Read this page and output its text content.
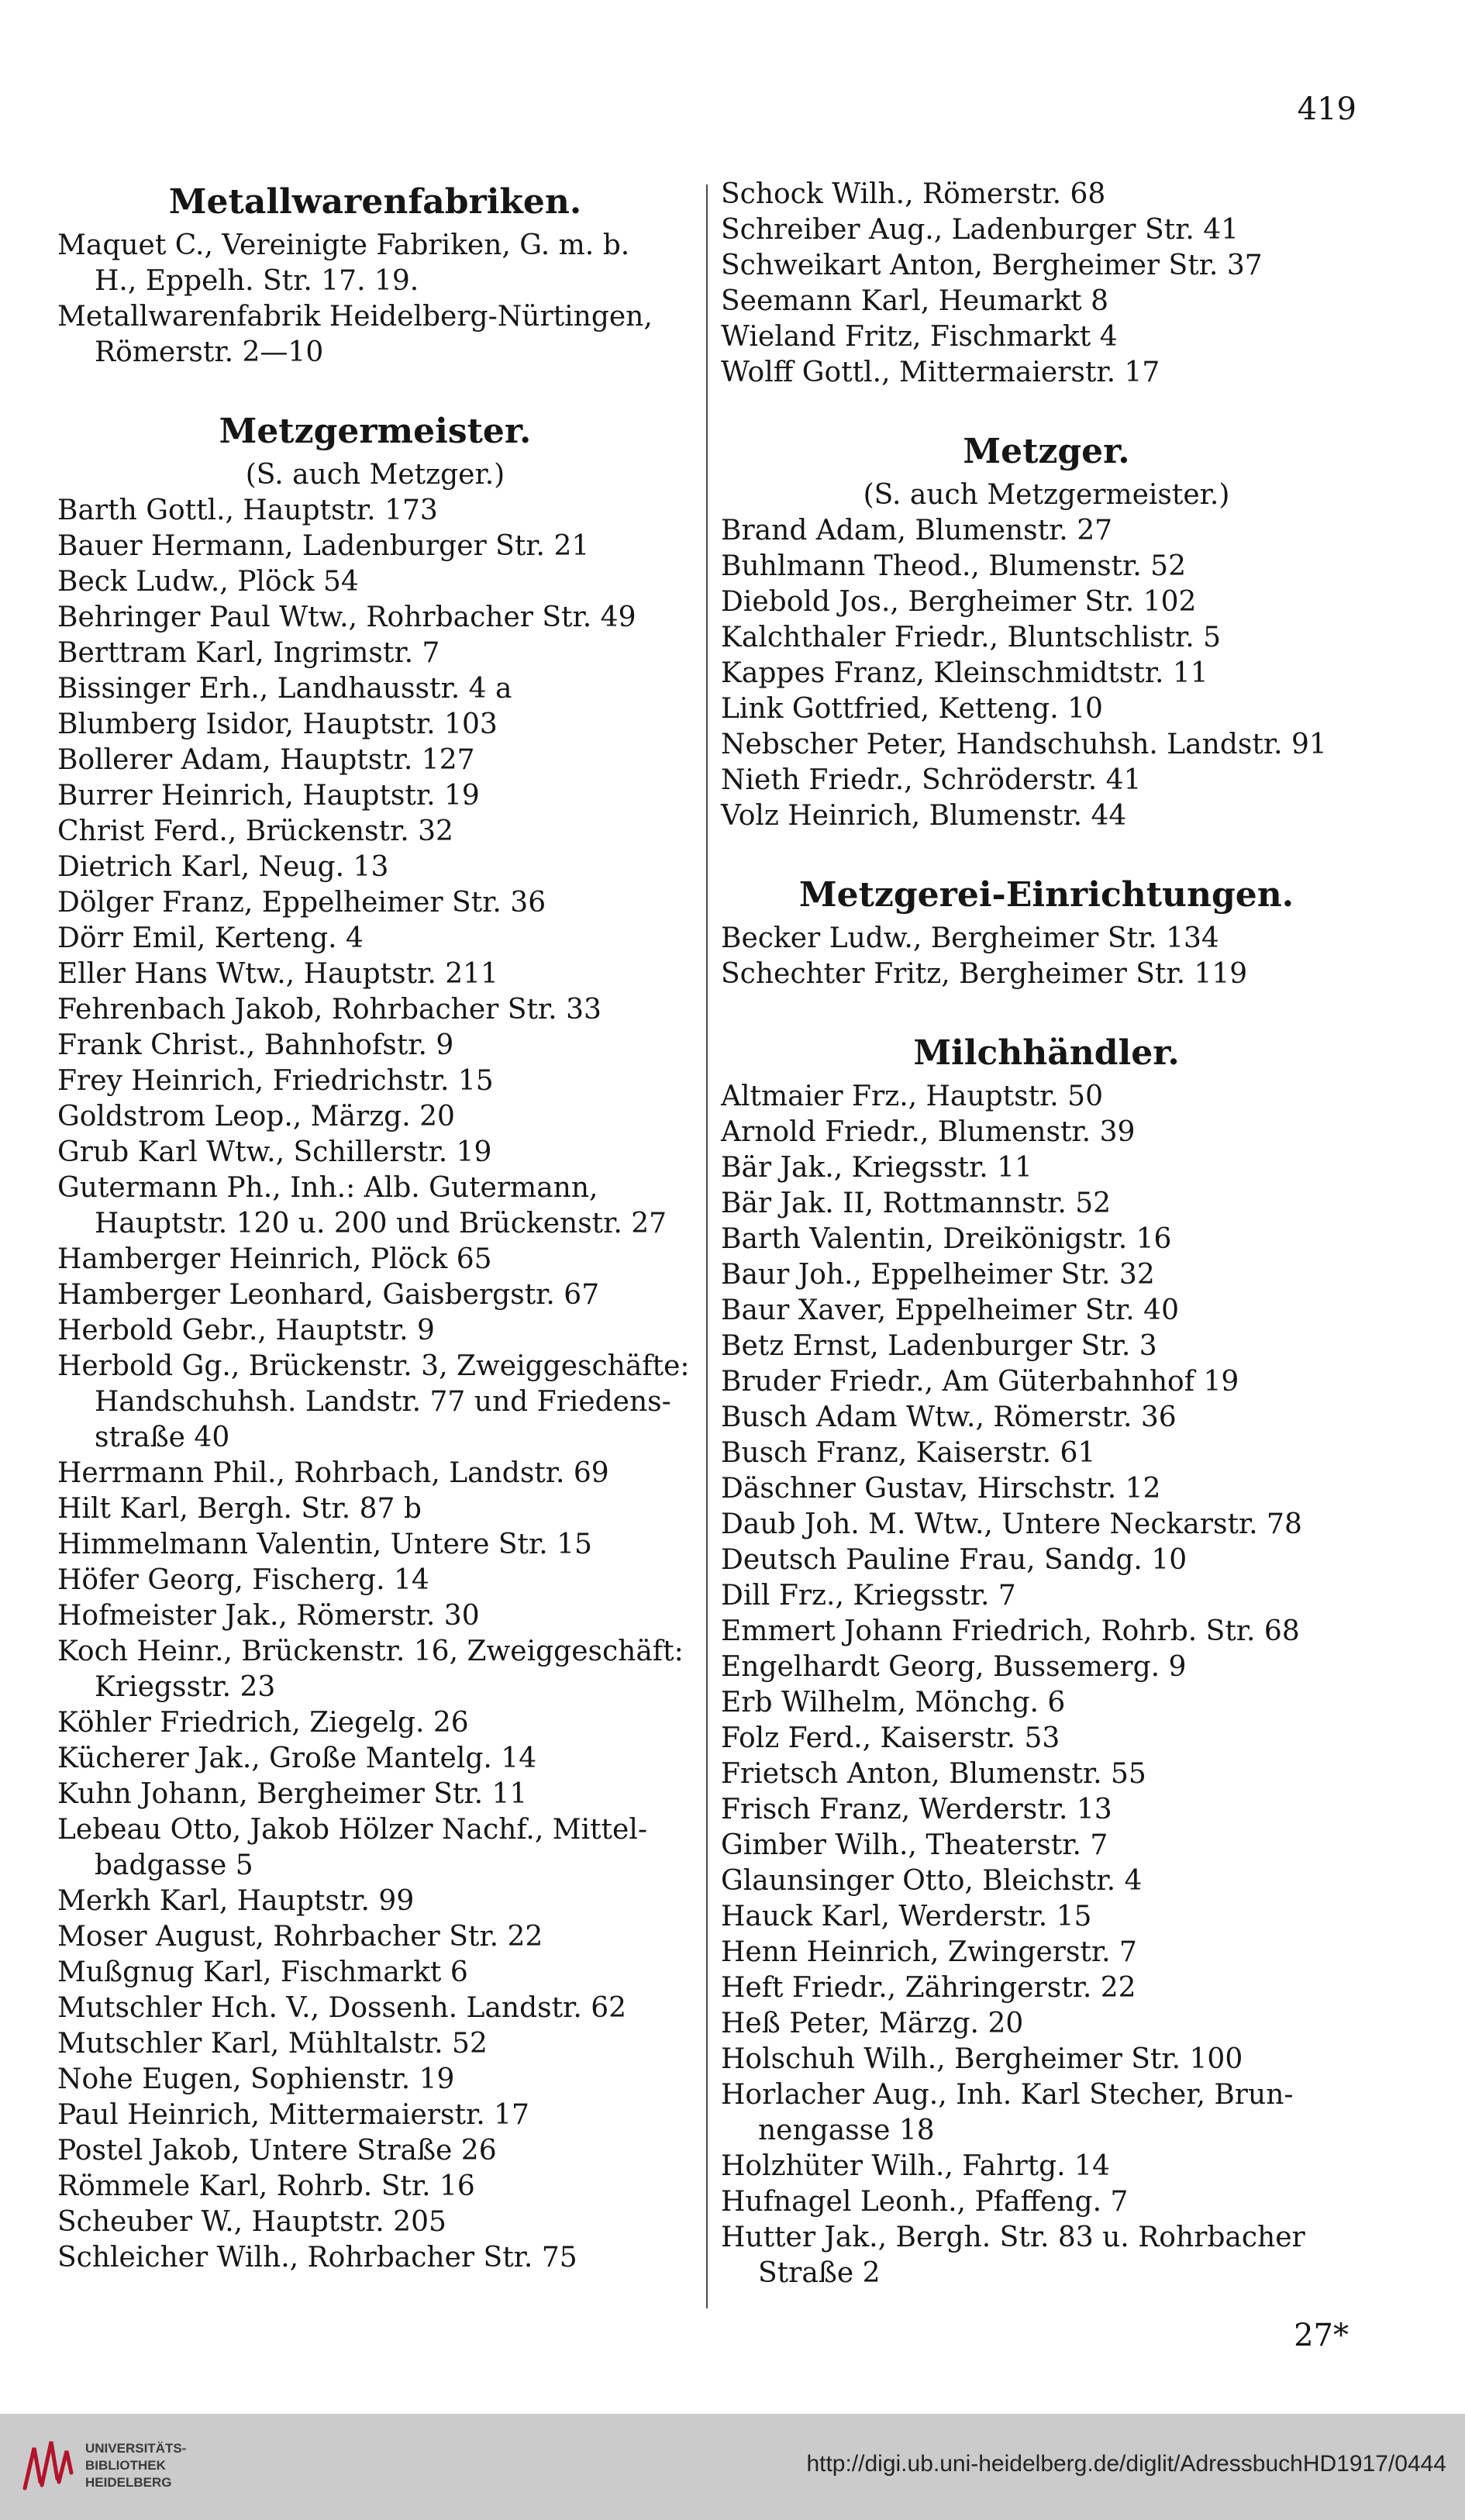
419
Metallwarenfabriken.

Maquet C., Vereinigte Fabriken, G. m. b.
H., Eppelh. Str. 17. 19.

Metallwarenfabrik Heidelberg-Nürtingen,
Römerstr. 2—10

Metzgermeister.

(S. auch Metzger.)

Barth Gottl., Hauptstr. 173

Bauer Hermann, Ladenburger Str. 21

Beck Ludw., Plöck 54

Behringer Paul Wtw., Rohrbacher Str. 49

Berttram Karl, Ingrimstr. 7

Bissinger Erh., Landhausstr. 4 a

Blumberg Isidor, Hauptstr. 103

Bollerer Adam, Hauptstr. 127

Burrer Heinrich, Hauptstr. 19

Christ Ferd., Brückenstr. 32

Dietrich Karl, Neug. 13

Dölger Franz, Eppelheimer Str. 36

Dörr Emil, Kerteng. 4

Eller Hans Wtw., Hauptstr. 211

Fehrenbach Jakob, Rohrbacher Str. 33

Frank Christ., Bahnhofstr. 9

Frey Heinrich, Friedrichstr. 15

Goldstrom Leop., Märzg. 20

Grub Karl Wtw., Schillerstr. 19

Gutermann Ph., Inh.: Alb. Gutermann,
Hauptstr. 120 u. 200 und Brückenstr. 27

Hamberger Heinrich, Plöck 65

Hamberger Leonhard, Gaisbergstr. 67

Herbold Gebr., Hauptstr. 9

Herbold Gg., Brückenstr. 3, Zweiggeschäfte:
Handschuhsh. Landstr. 77 und Friedens-
straße 40

Herrmann Phil., Rohrbach, Landstr. 69

Hilt Karl, Bergh. Str. 87 b

Himmelmann Valentin, Untere Str. 15

Höfer Georg, Fischerg. 14

Hofmeister Jak., Römerstr. 30

Koch Heinr., Brückenstr. 16, Zweiggeschäft:
Kriegsstr. 23

Köhler Friedrich, Ziegelg. 26

Kücherer Jak., Große Mantelg. 14

Kuhn Johann, Bergheimer Str. 11

Lebeau Otto, Jakob Hölzer Nachf., Mittel-
badgasse 5

Merkh Karl, Hauptstr. 99

Moser August, Rohrbacher Str. 22

Mußgnug Karl, Fischmarkt 6

Mutschler Hch. V., Dossenh. Landstr. 62

Mutschler Karl, Mühltalstr. 52

Nohe Eugen, Sophienstr. 19

Paul Heinrich, Mittermaierstr. 17

Postel Jakob, Untere Straße 26

Römmele Karl, Rohrb. Str. 16

Scheuber W., Hauptstr. 205

Schleicher Wilh., Rohrbacher Str. 75

Schock Wilh., Römerstr. 68

Schreiber Aug., Ladenburger Str. 41

Schweikart Anton, Bergheimer Str. 37

Seemann Karl, Heumarkt 8

Wieland Fritz, Fischmarkt 4

Wolff Gottl., Mittermaierstr. 17

Metzger.

(S. auch Metzgermeister.)

Brand Adam, Blumenstr. 27

Buhlmann Theod., Blumenstr. 52

Diebold Jos., Bergheimer Str. 102

Kalchthaler Friedr., Bluntschlistr. 5

Kappes Franz, Kleinschmidtstr. 11

Link Gottfried, Ketteng. 10

Nebscher Peter, Handschuhsh. Landstr. 91

Nieth Friedr., Schröderstr. 41

Volz Heinrich, Blumenstr. 44

Metzgerei-Einrichtungen.

Becker Ludw., Bergheimer Str. 134

Schechter Fritz, Bergheimer Str. 119

Milchhändler.

Altmaier Frz., Hauptstr. 50

Arnold Friedr., Blumenstr. 39

Bär Jak., Kriegsstr. 11

Bär Jak. II, Rottmannstr. 52

Barth Valentin, Dreikönigstr. 16

Baur Joh., Eppelheimer Str. 32

Baur Xaver, Eppelheimer Str. 40

Betz Ernst, Ladenburger Str. 3

Bruder Friedr., Am Güterbahnhof 19

Busch Adam Wtw., Römerstr. 36

Busch Franz, Kaiserstr. 61

Däschner Gustav, Hirschstr. 12

Daub Joh. M. Wtw., Untere Neckarstr. 78

Deutsch Pauline Frau, Sandg. 10

Dill Frz., Kriegsstr. 7

Emmert Johann Friedrich, Rohrb. Str. 68

Engelhardt Georg, Bussemerg. 9

Erb Wilhelm, Mönchg. 6

Folz Ferd., Kaiserstr. 53

Frietsch Anton, Blumenstr. 55

Frisch Franz, Werderstr. 13

Gimber Wilh., Theaterstr. 7

Glaunsinger Otto, Bleichstr. 4

Hauck Karl, Werderstr. 15

Henn Heinrich, Zwingerstr. 7

Heft Friedr., Zähringerstr. 22

Heß Peter, Märzg. 20

Holschuh Wilh., Bergheimer Str. 100

Horlacher Aug., Inh. Karl Stecher, Brun-
nengasse 18

Holzhüter Wilh., Fahrtg. 14

Hufnagel Leonh., Pfaffeng. 7

Hutter Jak., Bergh. Str. 83 u. Rohrbacher
Straße 2

27*
UNIVERSITÄTS-
BIBLIOTHEK
HEIDELBERG
http://digi.ub.uni-heidelberg.de/diglit/AdressbuchHD1917/0444
